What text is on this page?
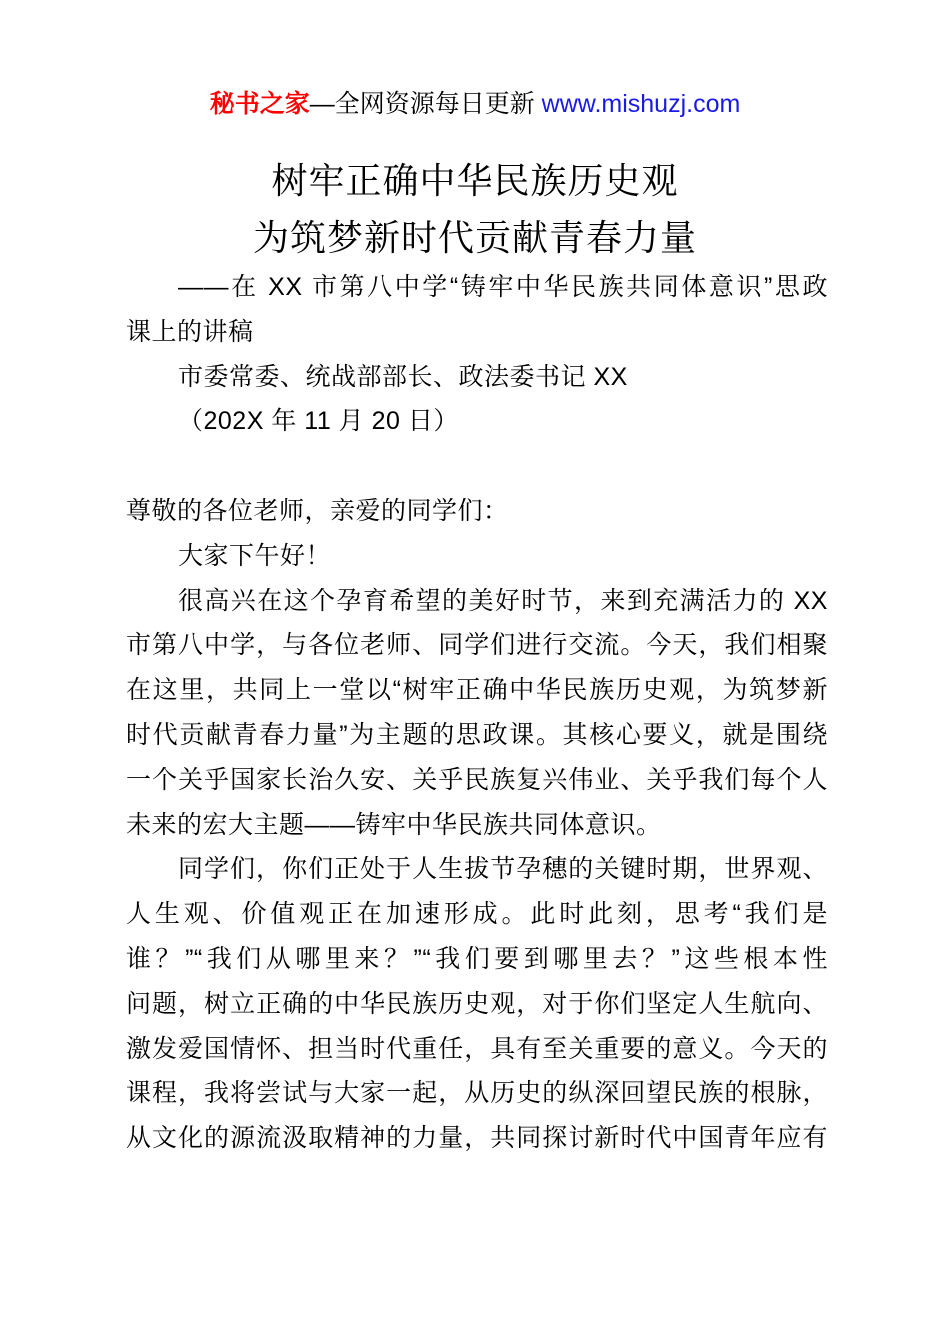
秘书之家—全网资源每日更新 www.mishuzj.com
树牢正确中华民族历史观
为筑梦新时代贡献青春力量
——在 XX 市第八中学“铸牢中华民族共同体意识”思政
课上的讲稿
市委常委、统战部部长、政法委书记 XX
（202X 年 11 月 20 日）
尊敬的各位老师，亲爱的同学们：
大家下午好！
很高兴在这个孕育希望的美好时节，来到充满活力的 XX
市第八中学，与各位老师、同学们进行交流。今天，我们相聚
在这里，共同上一堂以“树牢正确中华民族历史观，为筑梦新
时代贡献青春力量”为主题的思政课。其核心要义，就是围绕
一个关乎国家长治久安、关乎民族复兴伟业、关乎我们每个人
未来的宏大主题——铸牢中华民族共同体意识。
同学们，你们正处于人生拔节孕穗的关键时期，世界观、
人生观、价值观正在加速形成。此时此刻，思考“我们是
谁？”“我们从哪里来？”“我们要到哪里去？”这些根本性
问题，树立正确的中华民族历史观，对于你们坚定人生航向、
激发爱国情怀、担当时代重任，具有至关重要的意义。今天的
课程，我将尝试与大家一起，从历史的纵深回望民族的根脉，
从文化的源流汲取精神的力量，共同探讨新时代中国青年应有
